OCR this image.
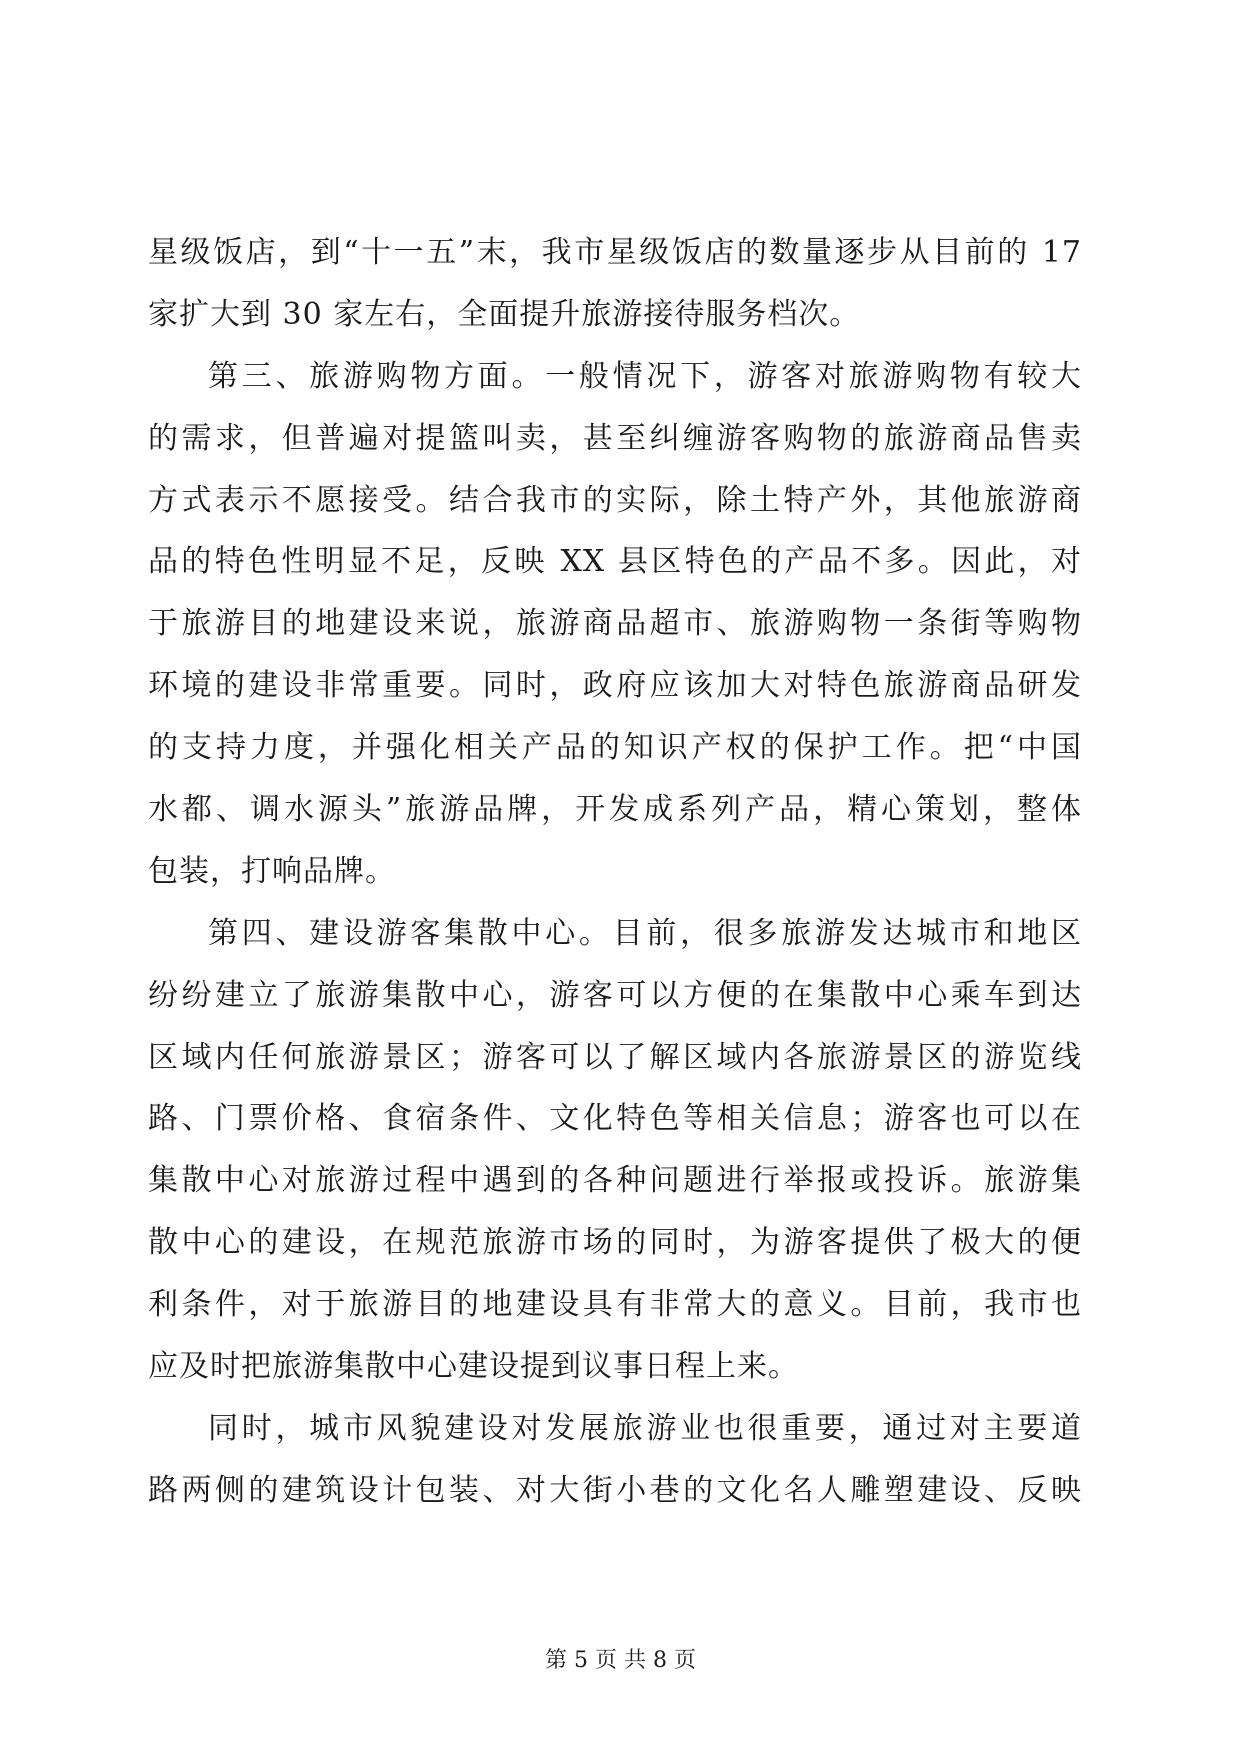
星级饭店，到“十一五”末，我市星级饭店的数量逐步从目前的 17
家扩大到 30 家左右，全面提升旅游接待服务档次。
第三、旅游购物方面。一般情况下，游客对旅游购物有较大
的需求，但普遍对提篮叫卖，甚至纠缠游客购物的旅游商品售卖
方式表示不愿接受。结合我市的实际，除土特产外，其他旅游商
品的特色性明显不足，反映 XX 县区特色的产品不多。因此，对
于旅游目的地建设来说，旅游商品超市、旅游购物一条街等购物
环境的建设非常重要。同时，政府应该加大对特色旅游商品研发
的支持力度，并强化相关产品的知识产权的保护工作。把“中国
水都、调水源头”旅游品牌，开发成系列产品，精心策划，整体
包装，打响品牌。
第四、建设游客集散中心。目前，很多旅游发达城市和地区
纷纷建立了旅游集散中心，游客可以方便的在集散中心乘车到达
区域内任何旅游景区；游客可以了解区域内各旅游景区的游览线
路、门票价格、食宿条件、文化特色等相关信息；游客也可以在
集散中心对旅游过程中遇到的各种问题进行举报或投诉。旅游集
散中心的建设，在规范旅游市场的同时，为游客提供了极大的便
利条件，对于旅游目的地建设具有非常大的意义。目前，我市也
应及时把旅游集散中心建设提到议事日程上来。
同时，城市风貌建设对发展旅游业也很重要，通过对主要道
路两侧的建筑设计包装、对大街小巷的文化名人雕塑建设、反映
第 5 页 共 8 页
